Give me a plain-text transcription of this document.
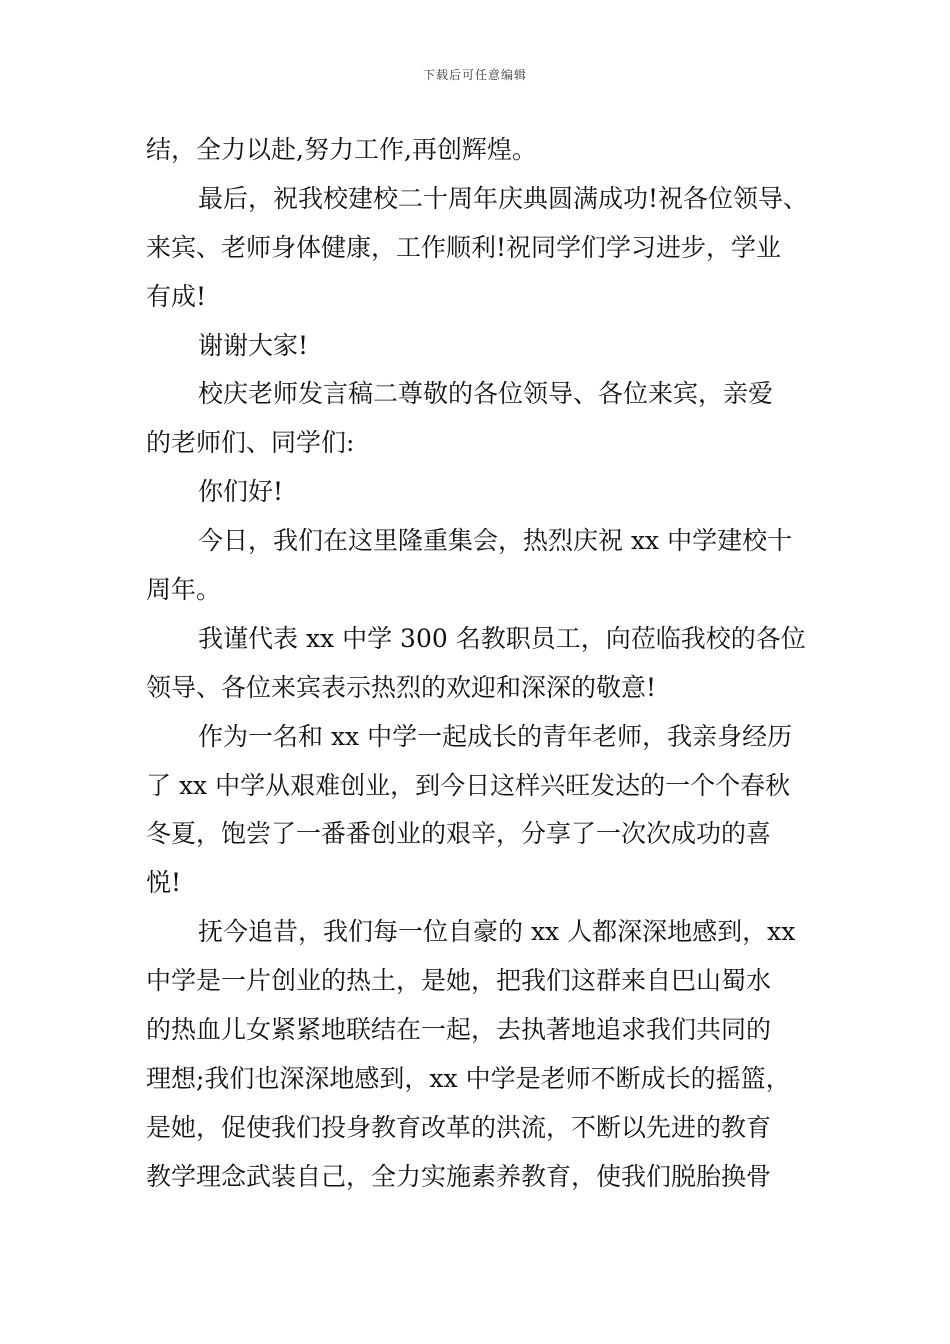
下载后可任意编辑
结，全力以赴,努力工作,再创辉煌。
最后，祝我校建校二十周年庆典圆满成功!祝各位领导、
来宾、老师身体健康，工作顺利!祝同学们学习进步，学业
有成!
谢谢大家!
校庆老师发言稿二尊敬的各位领导、各位来宾，亲爱
的老师们、同学们:
你们好!
今日，我们在这里隆重集会，热烈庆祝 xx 中学建校十
周年。
我谨代表 xx 中学 300 名教职员工，向莅临我校的各位
领导、各位来宾表示热烈的欢迎和深深的敬意!
作为一名和 xx 中学一起成长的青年老师，我亲身经历
了 xx 中学从艰难创业，到今日这样兴旺发达的一个个春秋
冬夏，饱尝了一番番创业的艰辛，分享了一次次成功的喜
悦!
抚今追昔，我们每一位自豪的 xx 人都深深地感到，xx
中学是一片创业的热土，是她，把我们这群来自巴山蜀水
的热血儿女紧紧地联结在一起，去执著地追求我们共同的
理想;我们也深深地感到，xx 中学是老师不断成长的摇篮，
是她，促使我们投身教育改革的洪流，不断以先进的教育
教学理念武装自己，全力实施素养教育，使我们脱胎换骨
